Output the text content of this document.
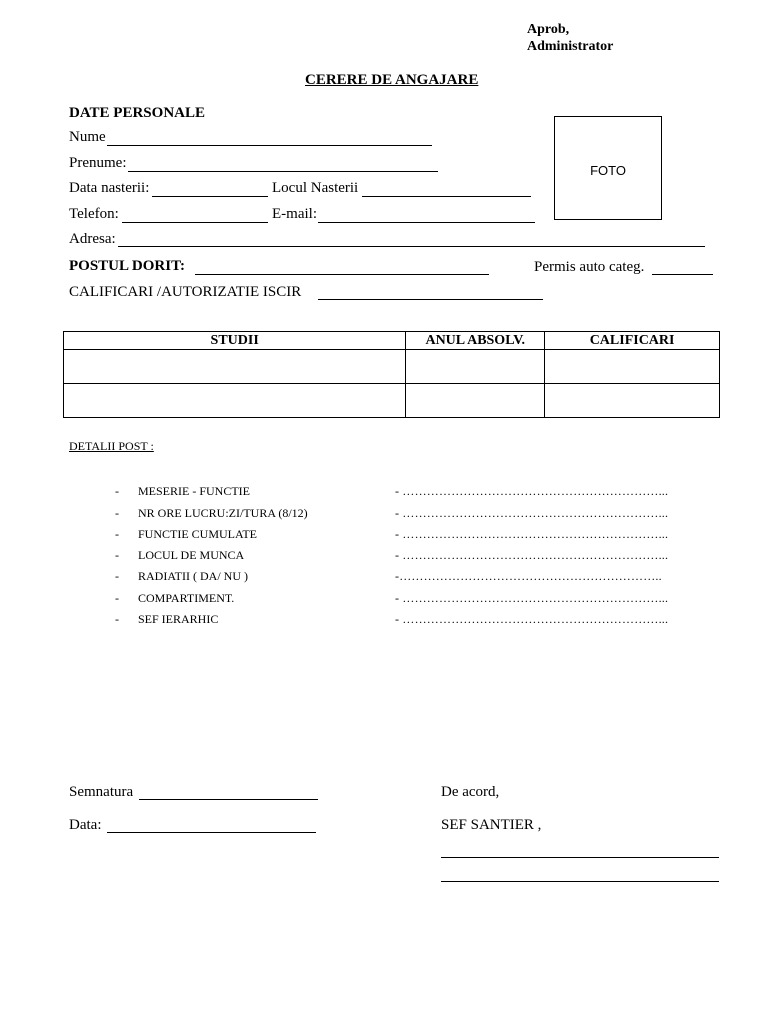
Aprob,
Administrator
CERERE DE ANGAJARE
DATE PERSONALE
Nume
Prenume:
Data nasterii:	Locul Nasterii
Telefon:	E-mail:
Adresa:
POSTUL DORIT:	Permis auto categ.
CALIFICARI /AUTORIZATIE ISCIR
FOTO
STUDII	ANUL ABSOLV.	CALIFICARI

DETALII POST :
- MESERIE - FUNCTIE	- ………………………………………………………...
- NR ORE LUCRU:ZI/TURA (8/12)	- ………………………………………………………...
- FUNCTIE CUMULATE	- ………………………………………………………...
- LOCUL DE MUNCA	- ………………………………………………………...
- RADIATII ( DA/ NU )	-………………………………………………………..
- COMPARTIMENT.	- ………………………………………………………...
- SEF IERARHIC	- ………………………………………………………...
Semnatura
Data:
De acord,
SEF SANTIER ,
